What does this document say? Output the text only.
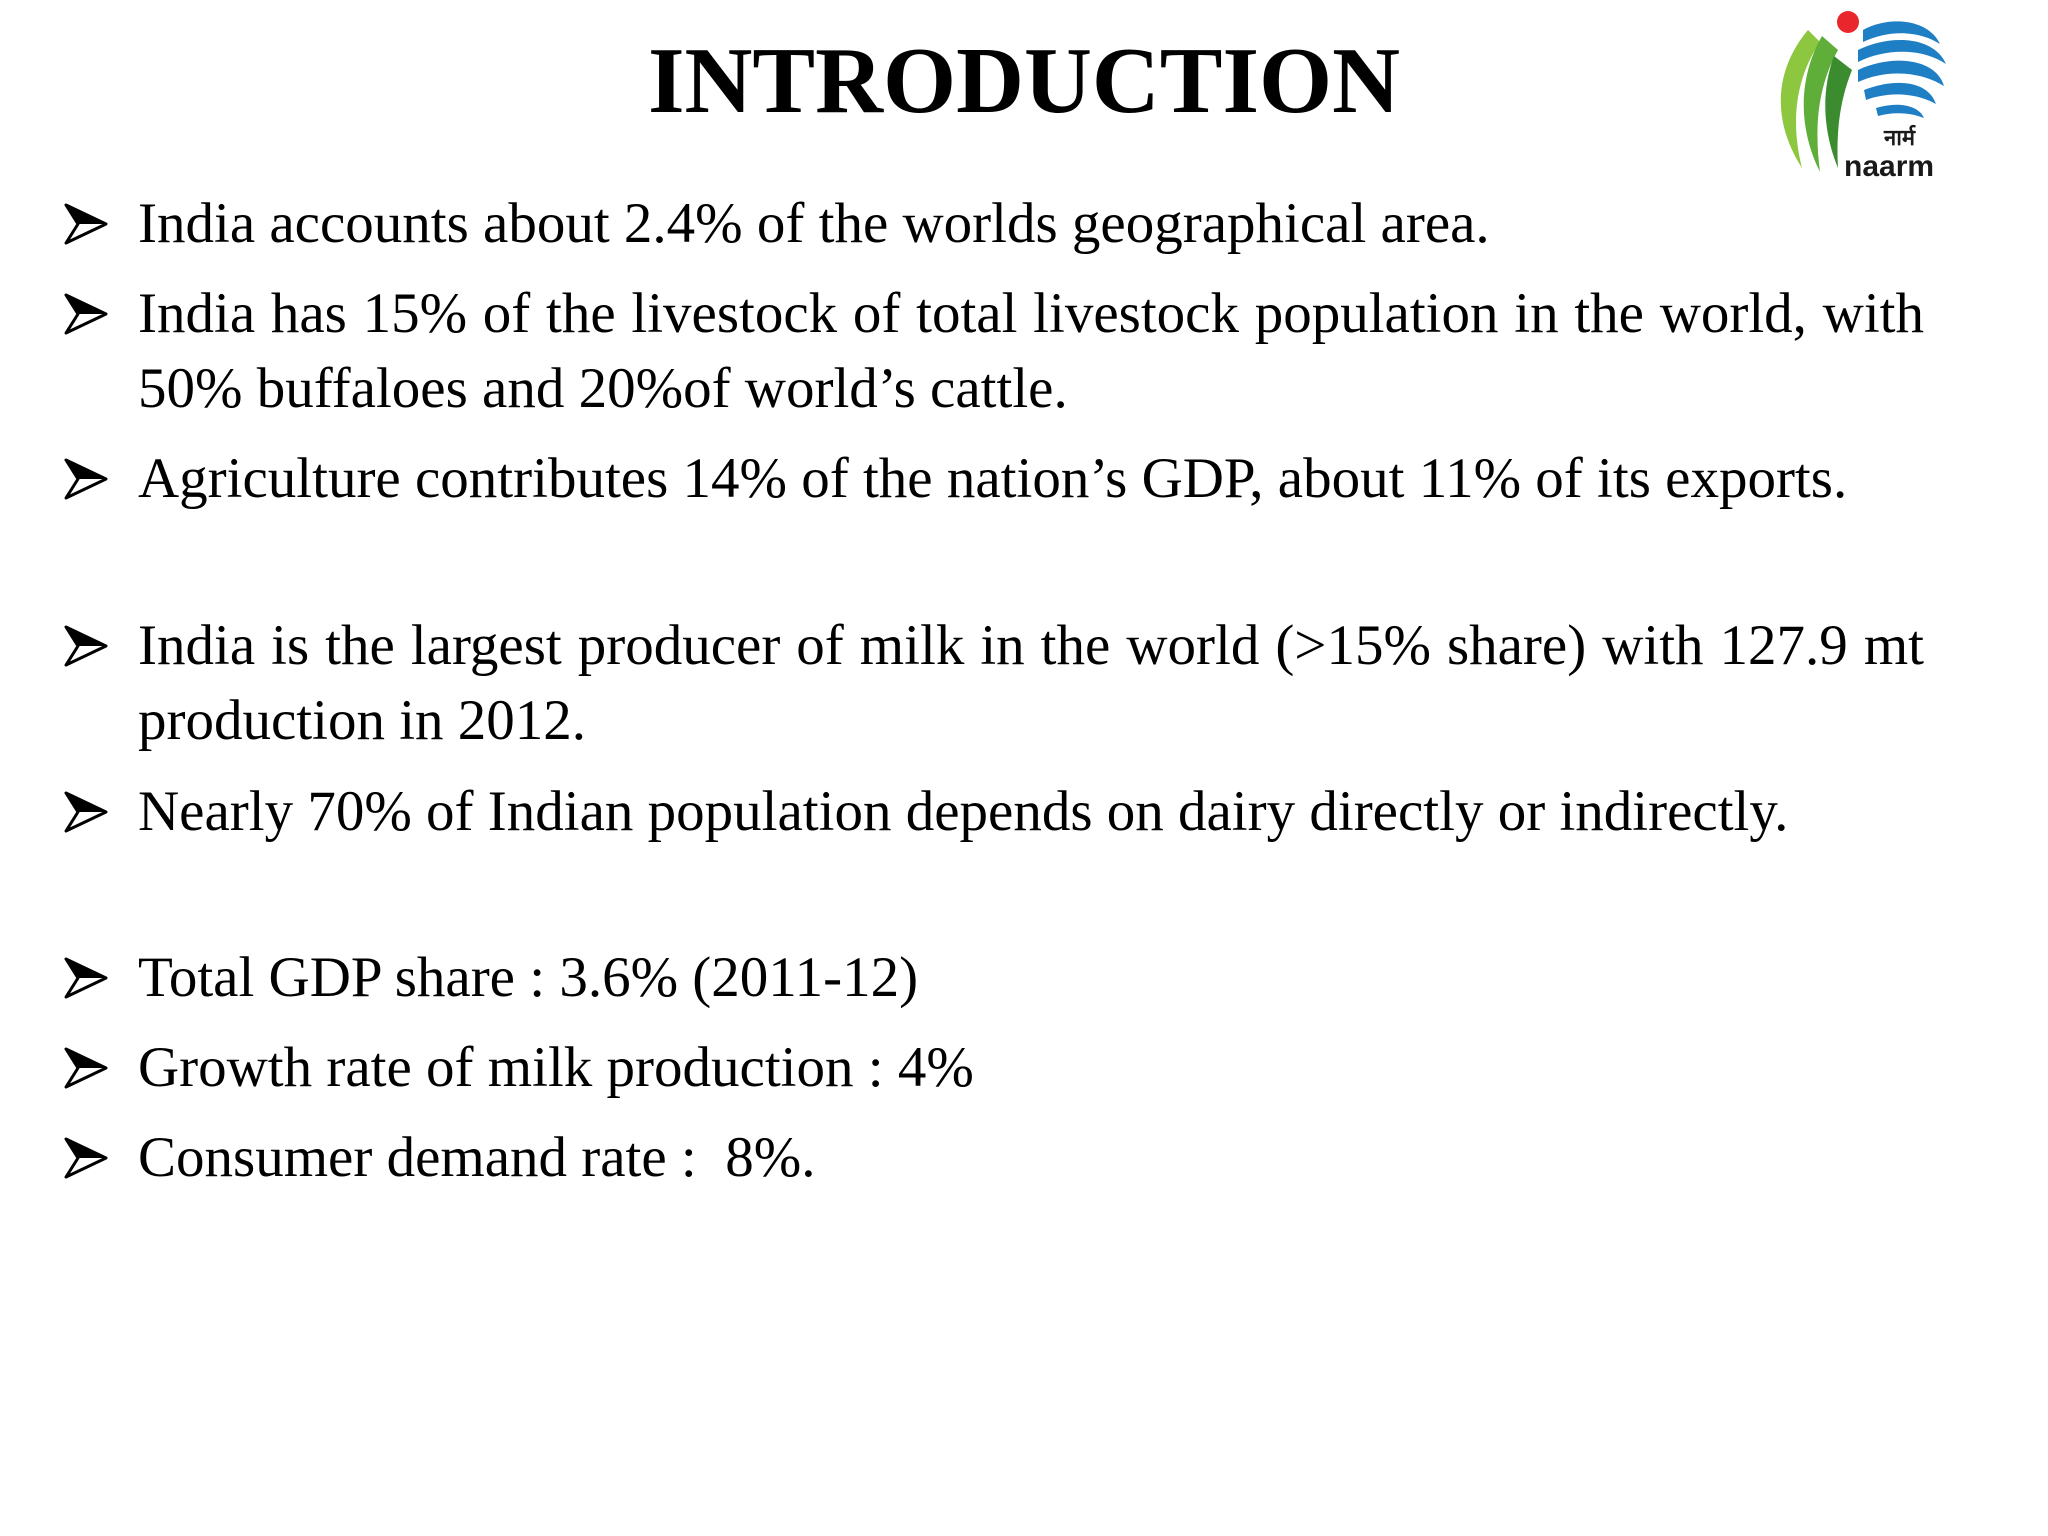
INTRODUCTION
नार्म
naarm

India accounts about 2.4% of the worlds geographical area.

India has 15% of the livestock of total livestock population in the world, with 50% buffaloes and 20%of world’s cattle.

Agriculture contributes 14% of the nation’s GDP, about 11% of its exports.

India is the largest producer of milk in the world (>15% share) with 127.9 mt production in 2012.

Nearly 70% of Indian population depends on dairy directly or indirectly.

Total GDP share : 3.6% (2011-12)

Growth rate of milk production : 4%

Consumer demand rate :  8%.
